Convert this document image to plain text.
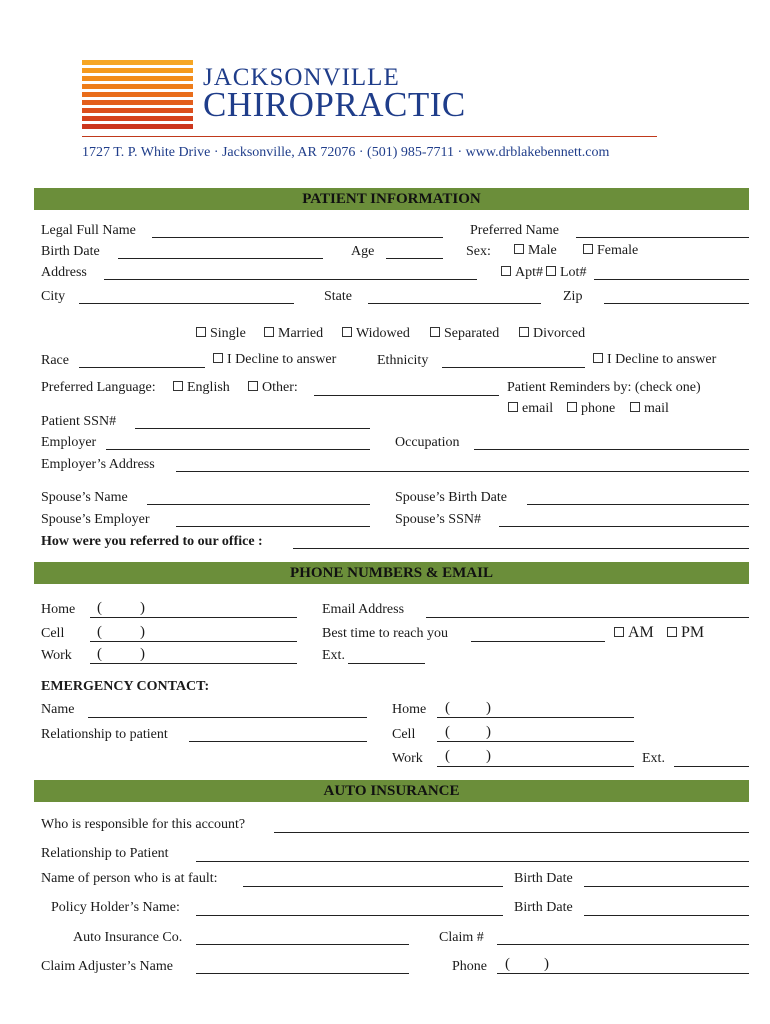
JACKSONVILLE
CHIROPRACTIC
1727 T. P. White Drive · Jacksonville, AR 72076 · (501) 985-7711 · www.drblakebennett.com
PATIENT INFORMATION
Legal Full Name	Preferred Name
Birth Date	Age	Sex:	Male	Female
Address	Apt#	Lot#
City	State	Zip
Single	Married	Widowed	Separated	Divorced
Race	I Decline to answer	Ethnicity	I Decline to answer
Preferred Language:	English	Other:	Patient Reminders by: (check one)
email	phone	mail
Patient SSN#
Employer	Occupation
Employer’s Address
Spouse’s Name	Spouse’s Birth Date
Spouse’s Employer	Spouse’s SSN#
How were you referred to our office :
PHONE NUMBERS & EMAIL
Home (	)	Email Address
Cell (	)	Best time to reach you	AM	PM
Work (	)	Ext.
EMERGENCY CONTACT:
Name	Home ( )
Relationship to patient	Cell ( )
Work ( )	Ext.
AUTO INSURANCE
Who is responsible for this account?
Relationship to Patient
Name of person who is at fault:	Birth Date
Policy Holder’s Name:	Birth Date
Auto Insurance Co.	Claim #
Claim Adjuster’s Name	Phone ( )
